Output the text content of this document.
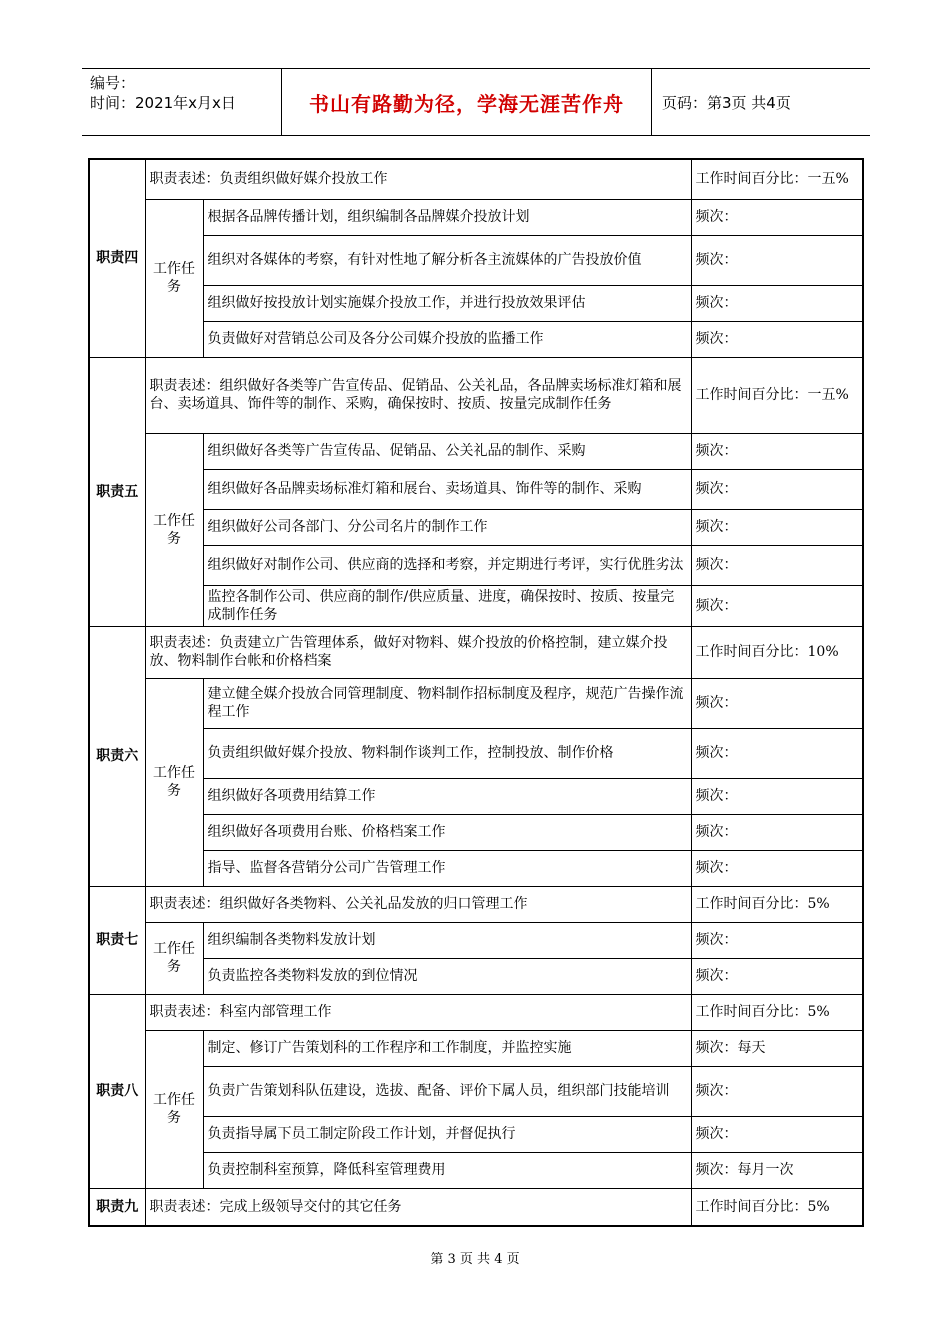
编号：
时间：2021年x月x日	书山有路勤为径，学海无涯苦作舟	页码：第3页 共4页
职责四	职责表述：负责组织做好媒介投放工作		工作时间百分比：一五%
	工作任务	根据各品牌传播计划，组织编制各品牌媒介投放计划	频次：
		组织对各媒体的考察，有针对性地了解分析各主流媒体的广告投放价值	频次：
		组织做好按投放计划实施媒介投放工作，并进行投放效果评估	频次：
		负责做好对营销总公司及各分公司媒介投放的监播工作	频次：
职责五	职责表述：组织做好各类等广告宣传品、促销品、公关礼品，各品牌卖场标准灯箱和展台、卖场道具、饰件等的制作、采购，确保按时、按质、按量完成制作任务		工作时间百分比：一五%
	工作任务	组织做好各类等广告宣传品、促销品、公关礼品的制作、采购	频次：
		组织做好各品牌卖场标准灯箱和展台、卖场道具、饰件等的制作、采购	频次：
		组织做好公司各部门、分公司名片的制作工作	频次：
		组织做好对制作公司、供应商的选择和考察，并定期进行考评，实行优胜劣汰	频次：
		监控各制作公司、供应商的制作/供应质量、进度，确保按时、按质、按量完成制作任务	频次：
职责六	职责表述：负责建立广告管理体系，做好对物料、媒介投放的价格控制，建立媒介投放、物料制作台帐和价格档案		工作时间百分比：10%
	工作任务	建立健全媒介投放合同管理制度、物料制作招标制度及程序，规范广告操作流程工作	频次：
		负责组织做好媒介投放、物料制作谈判工作，控制投放、制作价格	频次：
		组织做好各项费用结算工作	频次：
		组织做好各项费用台账、价格档案工作	频次：
		指导、监督各营销分公司广告管理工作	频次：
职责七	职责表述：组织做好各类物料、公关礼品发放的归口管理工作		工作时间百分比：5%
	工作任务	组织编制各类物料发放计划	频次：
		负责监控各类物料发放的到位情况	频次：
职责八	职责表述：科室内部管理工作		工作时间百分比：5%
	工作任务	制定、修订广告策划科的工作程序和工作制度，并监控实施	频次：每天
		负责广告策划科队伍建设，选拔、配备、评价下属人员，组织部门技能培训	频次：
		负责指导属下员工制定阶段工作计划，并督促执行	频次：
		负责控制科室预算，降低科室管理费用	频次：每月一次
职责九	职责表述：完成上级领导交付的其它任务		工作时间百分比：5%
第 3 页 共 4 页
